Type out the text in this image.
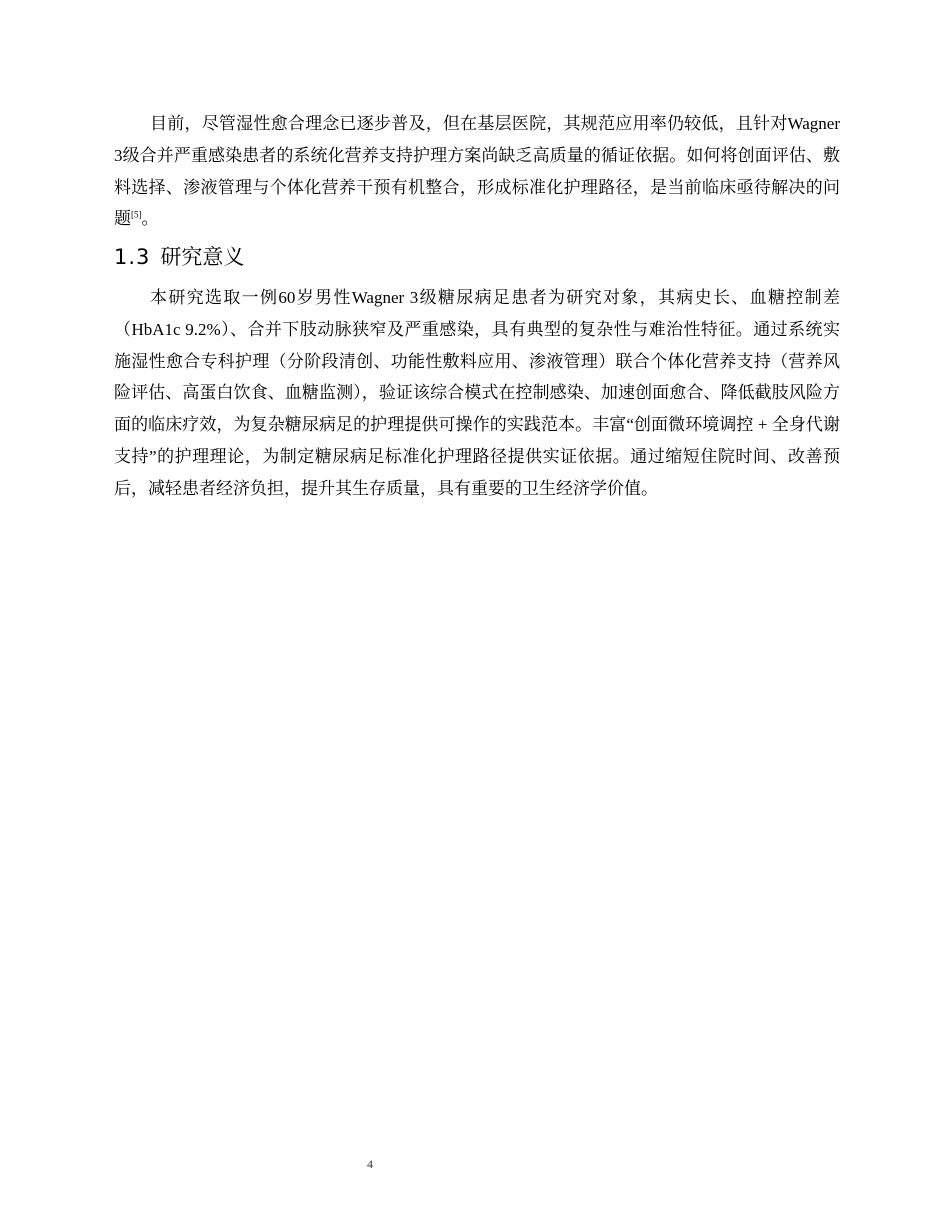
目前，尽管湿性愈合理念已逐步普及，但在基层医院，其规范应用率仍较低，且针对Wagner 3级合并严重感染患者的系统化营养支持护理方案尚缺乏高质量的循证依据。如何将创面评估、敷料选择、渗液管理与个体化营养干预有机整合，形成标准化护理路径，是当前临床亟待解决的问题[5]。

1.3 研究意义

本研究选取一例60岁男性Wagner 3级糖尿病足患者为研究对象，其病史长、血糖控制差（HbA1c 9.2%）、合并下肢动脉狭窄及严重感染，具有典型的复杂性与难治性特征。通过系统实施湿性愈合专科护理（分阶段清创、功能性敷料应用、渗液管理）联合个体化营养支持（营养风险评估、高蛋白饮食、血糖监测），验证该综合模式在控制感染、加速创面愈合、降低截肢风险方面的临床疗效，为复杂糖尿病足的护理提供可操作的实践范本。丰富“创面微环境调控 + 全身代谢支持”的护理理论，为制定糖尿病足标准化护理路径提供实证依据。通过缩短住院时间、改善预后，减轻患者经济负担，提升其生存质量，具有重要的卫生经济学价值。

4
